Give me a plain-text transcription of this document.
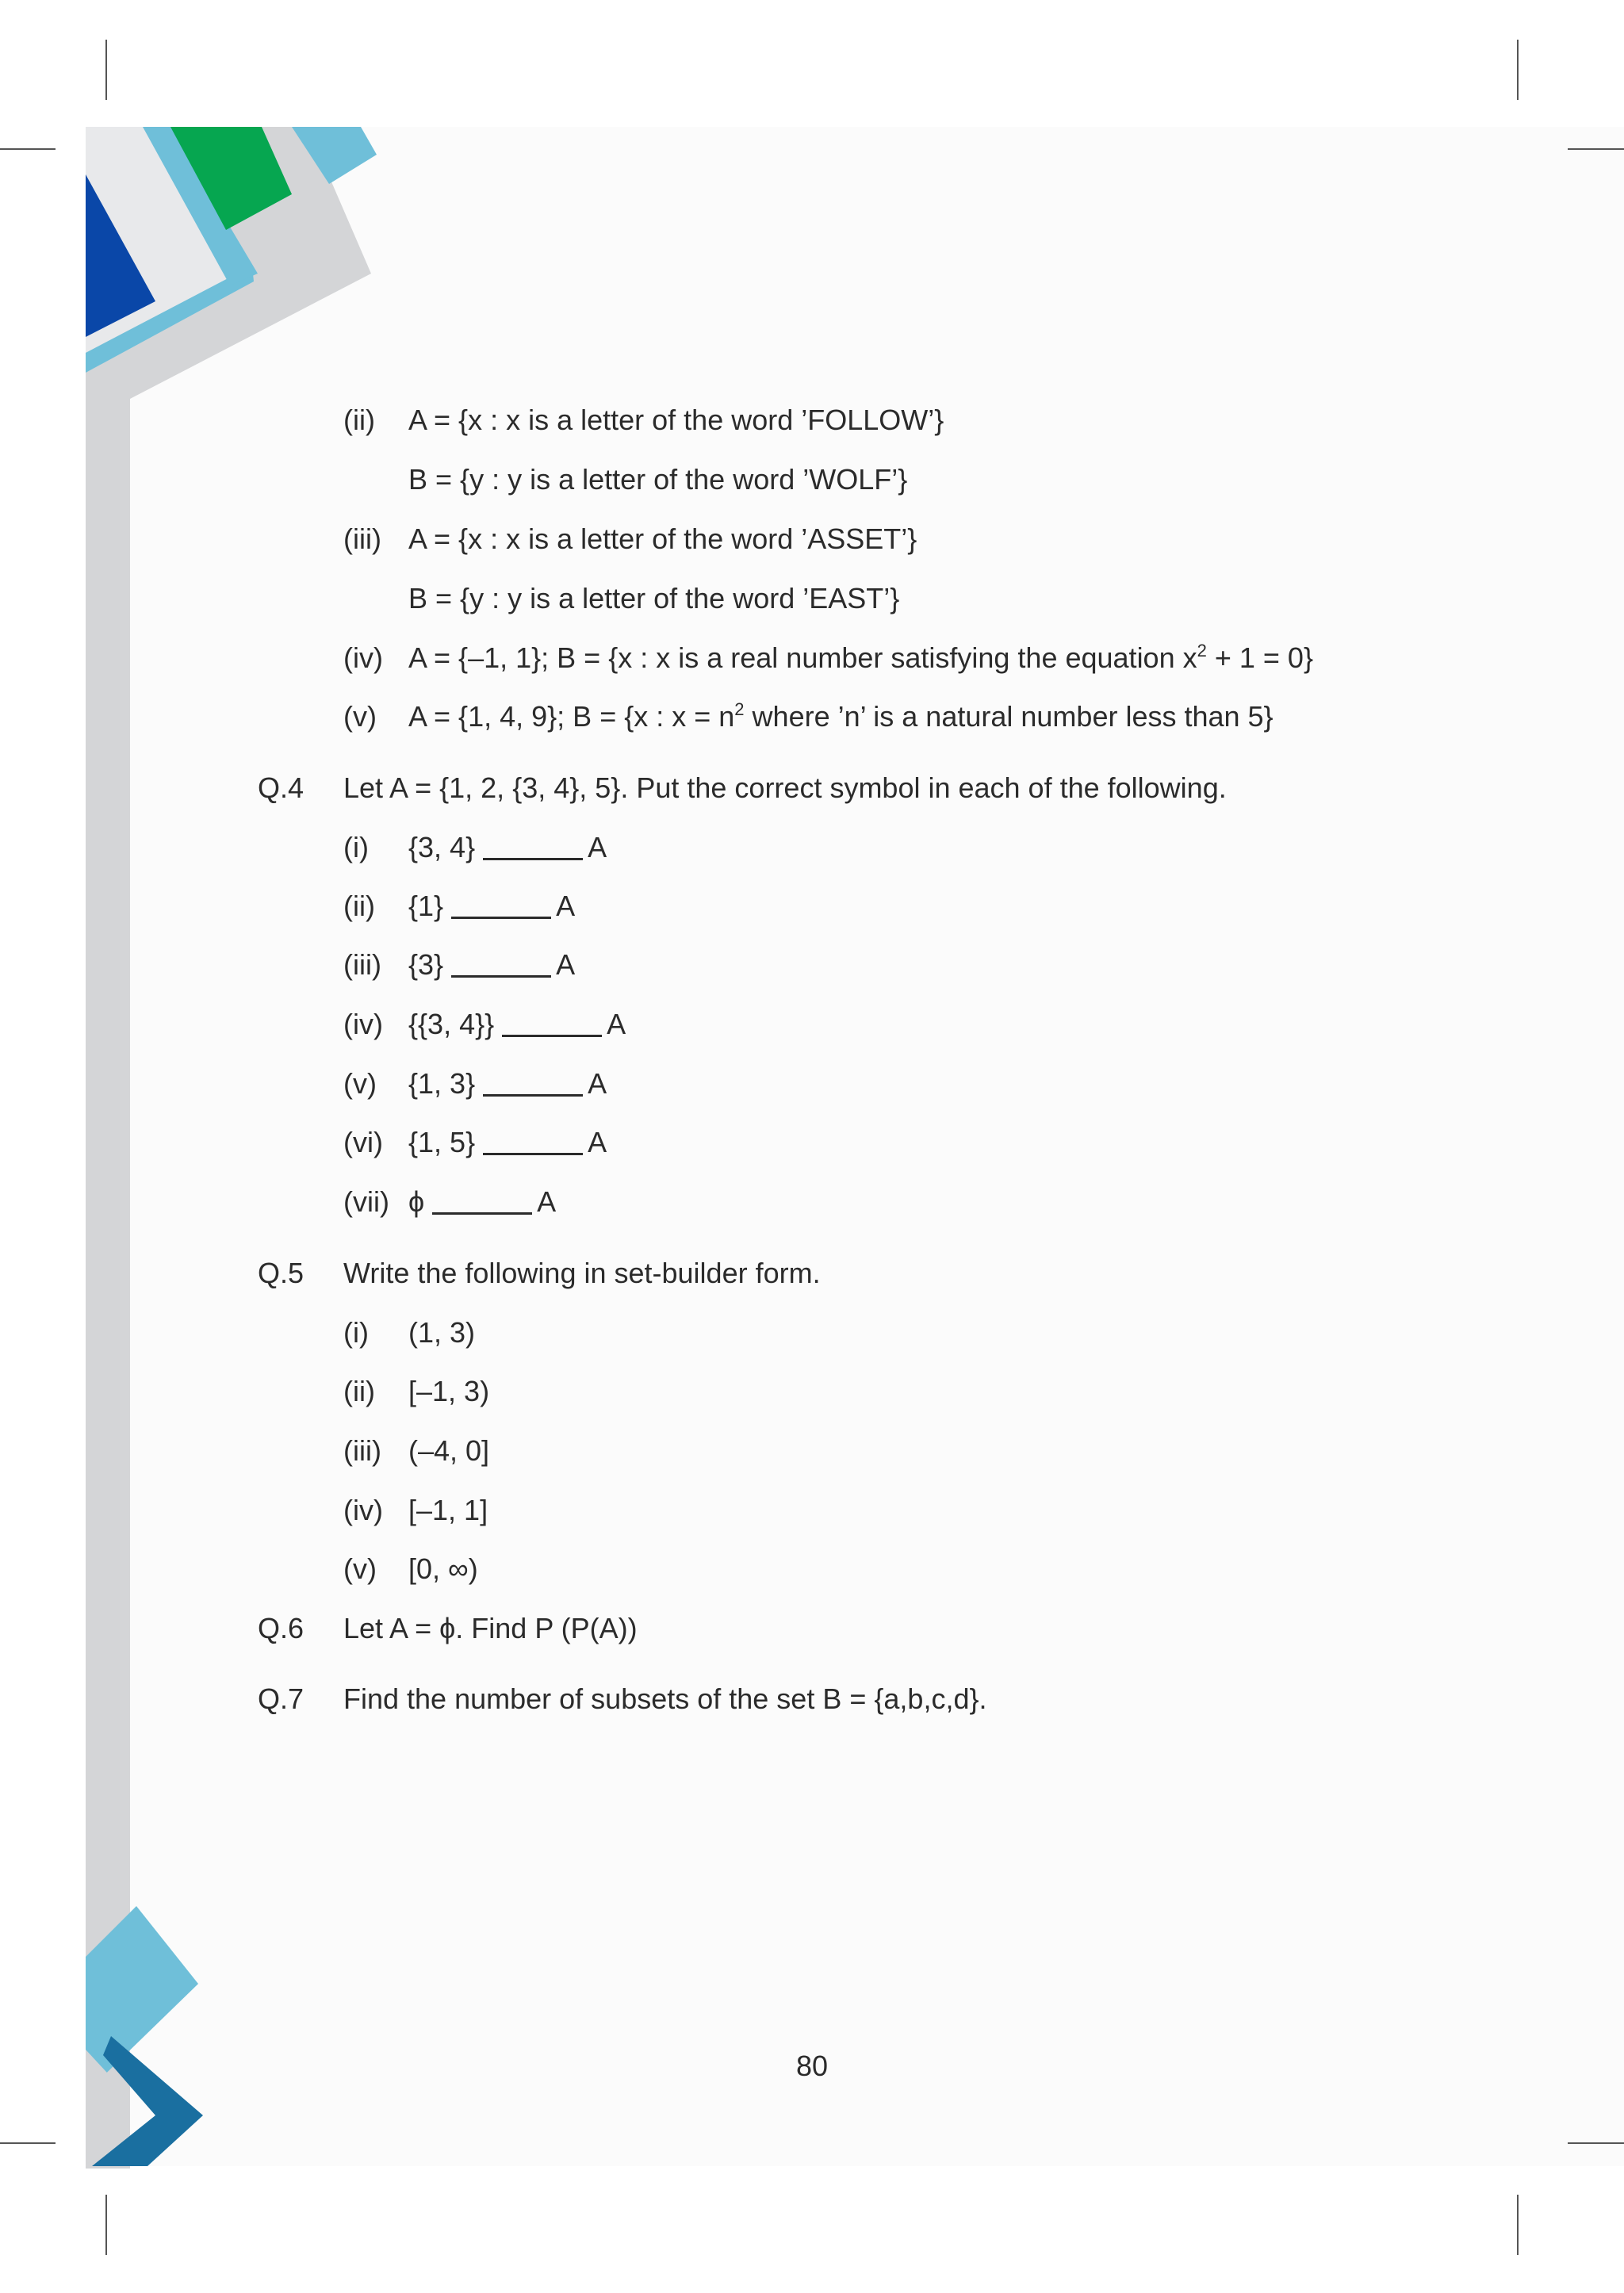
(ii) A = {x : x is a letter of the word ’FOLLOW’}
B = {y : y is a letter of the word ’WOLF’}
(iii) A = {x : x is a letter of the word ’ASSET’}
B = {y : y is a letter of the word ’EAST’}
(iv) A = {–1, 1}; B = {x : x is a real number satisfying the equation $x^2 + 1 = 0$}
(v) A = {1, 4, 9}; B = {x : $x = n^2$ where ’n’ is a natural number less than 5}
Q.4 Let A = {1, 2, {3, 4}, 5}. Put the correct symbol in each of the following.
(i) {3, 4}	A
(ii) {1}	A
(iii) {3}	A
(iv) {{3, 4}}	A
(v) {1, 3}	A
(vi) {1, 5}	A
(vii) ϕ	A
Q.5 Write the following in set-builder form.
(i) (1, 3)
(ii) [–1, 3)
(iii) (–4, 0]
(iv) [–1, 1]
(v) [0, ∞)
Q.6 Let A = ϕ. Find P (P(A))
Q.7 Find the number of subsets of the set B = {a,b,c,d}.
80
